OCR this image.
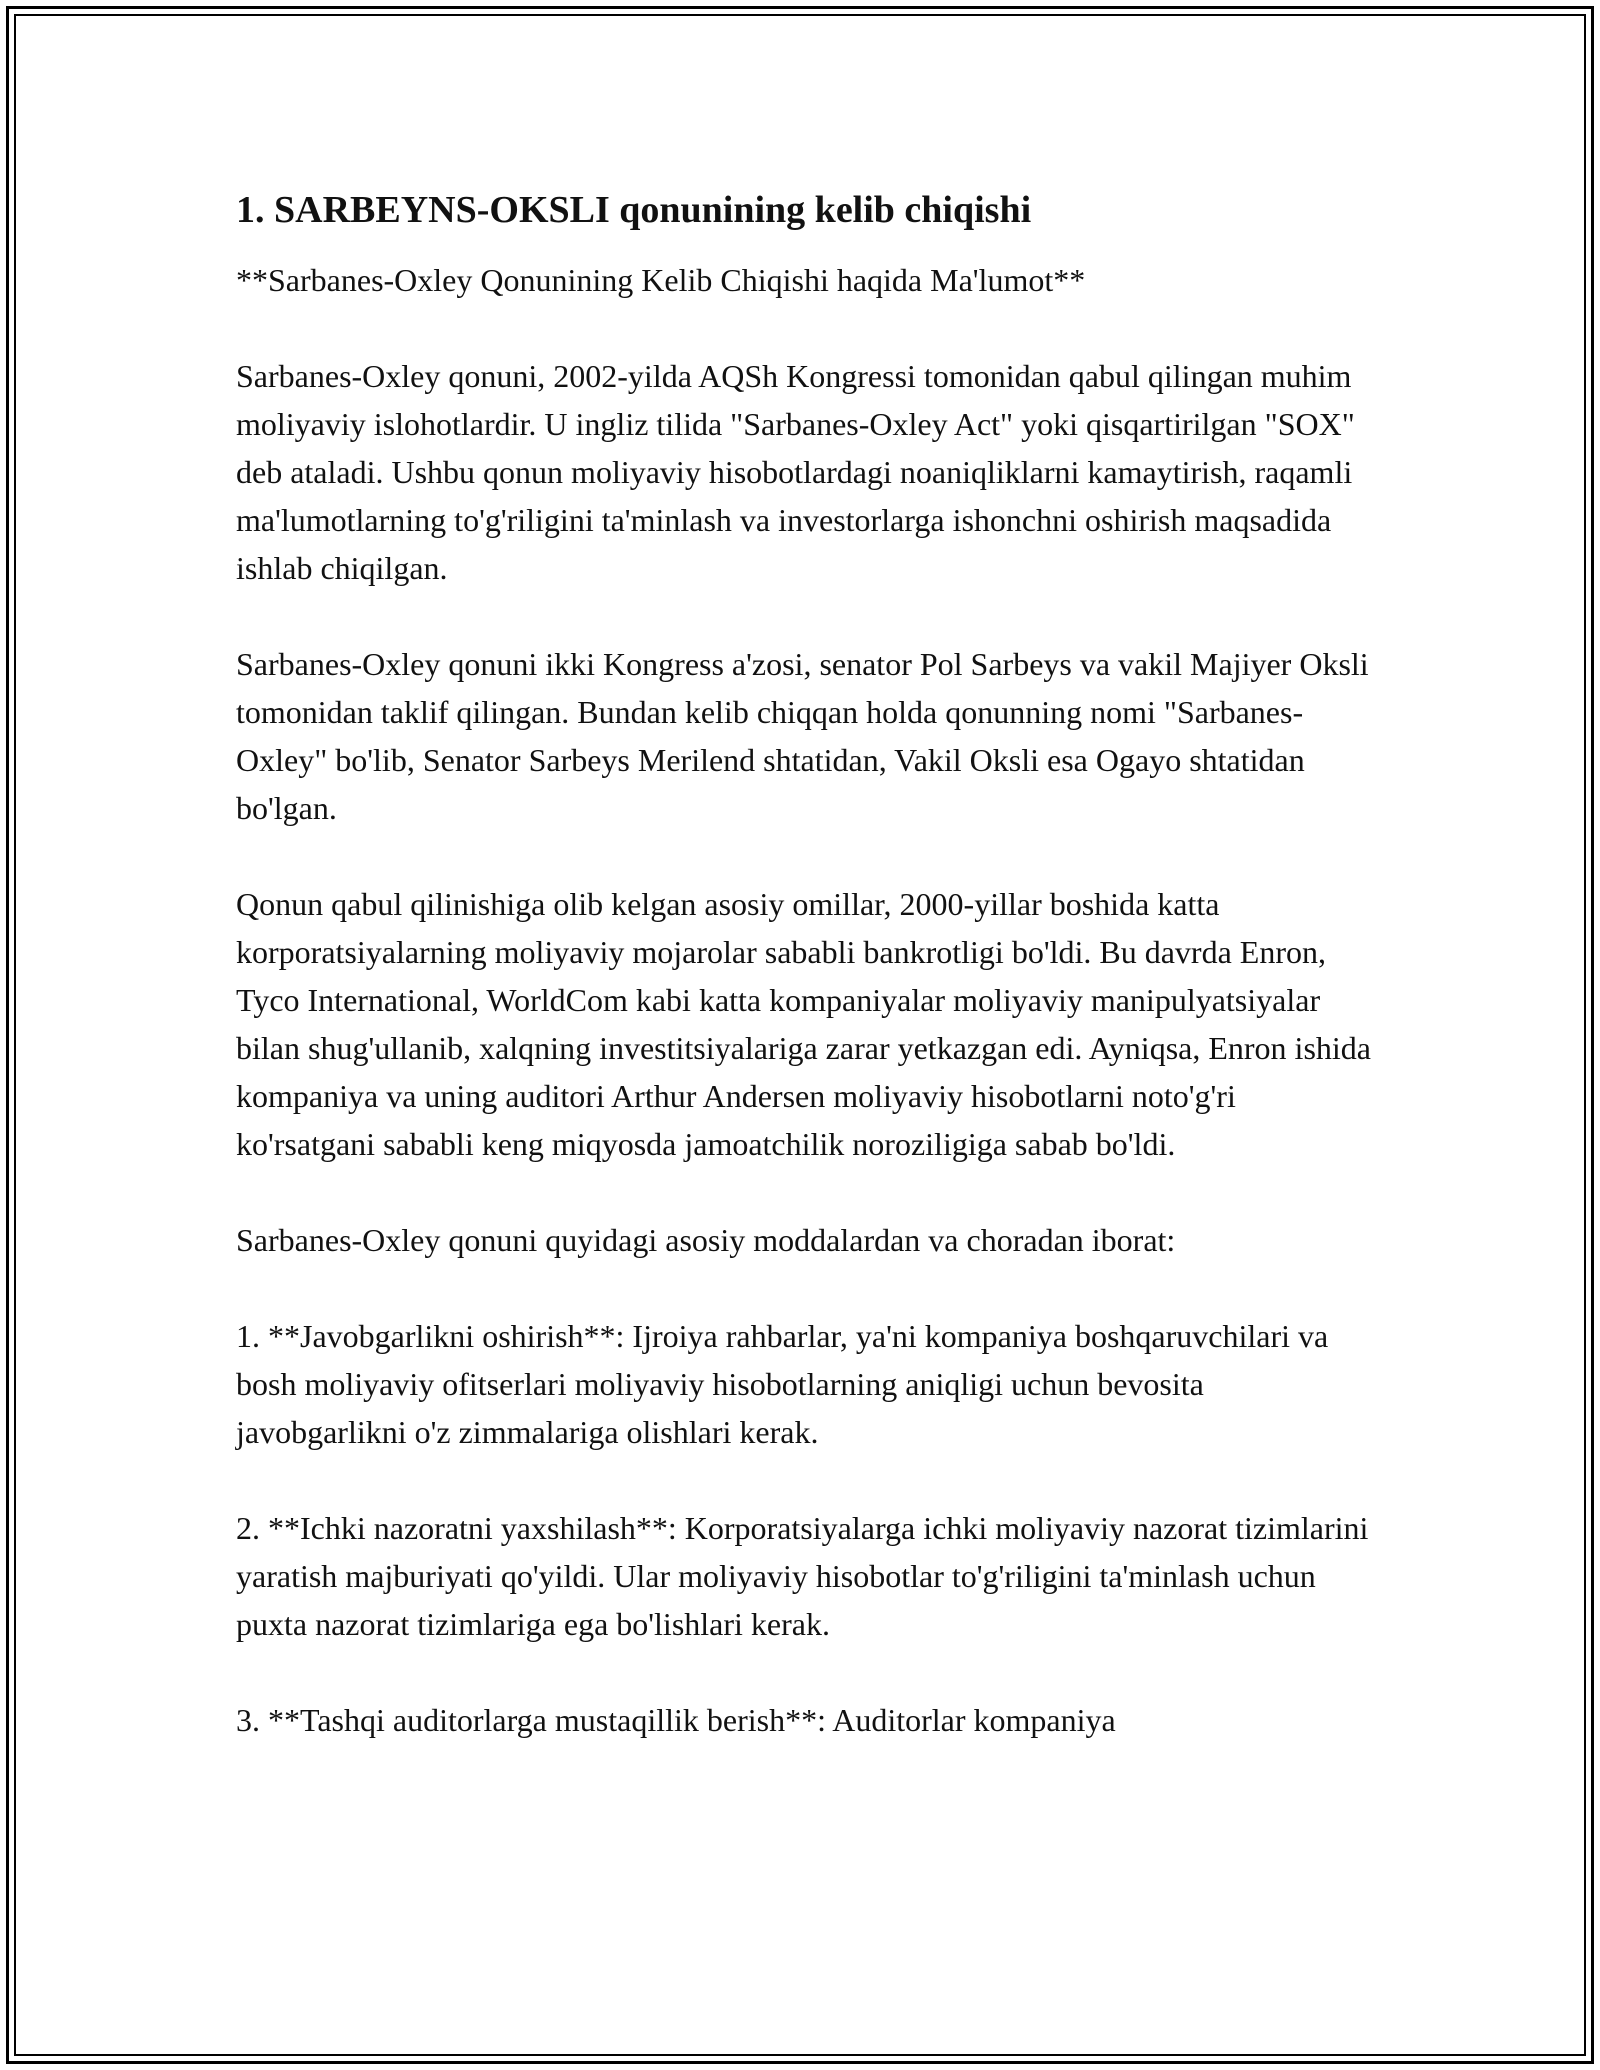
1. SARBEYNS-OKSLI qonunining kelib chiqishi

**Sarbanes-Oxley Qonunining Kelib Chiqishi haqida Ma'lumot**

Sarbanes-Oxley qonuni, 2002-yilda AQSh Kongressi tomonidan qabul qilingan muhim moliyaviy islohotlardir. U ingliz tilida "Sarbanes-Oxley Act" yoki qisqartirilgan "SOX" deb ataladi. Ushbu qonun moliyaviy hisobotlardagi noaniqliklarni kamaytirish, raqamli ma'lumotlarning to'g'riligini ta'minlash va investorlarga ishonchni oshirish maqsadida ishlab chiqilgan.

Sarbanes-Oxley qonuni ikki Kongress a'zosi, senator Pol Sarbeys va vakil Majiyer Oksli tomonidan taklif qilingan. Bundan kelib chiqqan holda qonunning nomi "Sarbanes-Oxley" bo'lib, Senator Sarbeys Merilend shtatidan, Vakil Oksli esa Ogayo shtatidan bo'lgan.

Qonun qabul qilinishiga olib kelgan asosiy omillar, 2000-yillar boshida katta korporatsiyalarning moliyaviy mojarolar sababli bankrotligi bo'ldi. Bu davrda Enron, Tyco International, WorldCom kabi katta kompaniyalar moliyaviy manipulyatsiyalar bilan shug'ullanib, xalqning investitsiyalariga zarar yetkazgan edi. Ayniqsa, Enron ishida kompaniya va uning auditori Arthur Andersen moliyaviy hisobotlarni noto'g'ri ko'rsatgani sababli keng miqyosda jamoatchilik noroziligiga sabab bo'ldi.

Sarbanes-Oxley qonuni quyidagi asosiy moddalardan va choradan iborat:

1. **Javobgarlikni oshirish**: Ijroiya rahbarlar, ya'ni kompaniya boshqaruvchilari va bosh moliyaviy ofitserlari moliyaviy hisobotlarning aniqligi uchun bevosita javobgarlikni o'z zimmalariga olishlari kerak.

2. **Ichki nazoratni yaxshilash**: Korporatsiyalarga ichki moliyaviy nazorat tizimlarini yaratish majburiyati qo'yildi. Ular moliyaviy hisobotlar to'g'riligini ta'minlash uchun puxta nazorat tizimlariga ega bo'lishlari kerak.

3. **Tashqi auditorlarga mustaqillik berish**: Auditorlar kompaniya
